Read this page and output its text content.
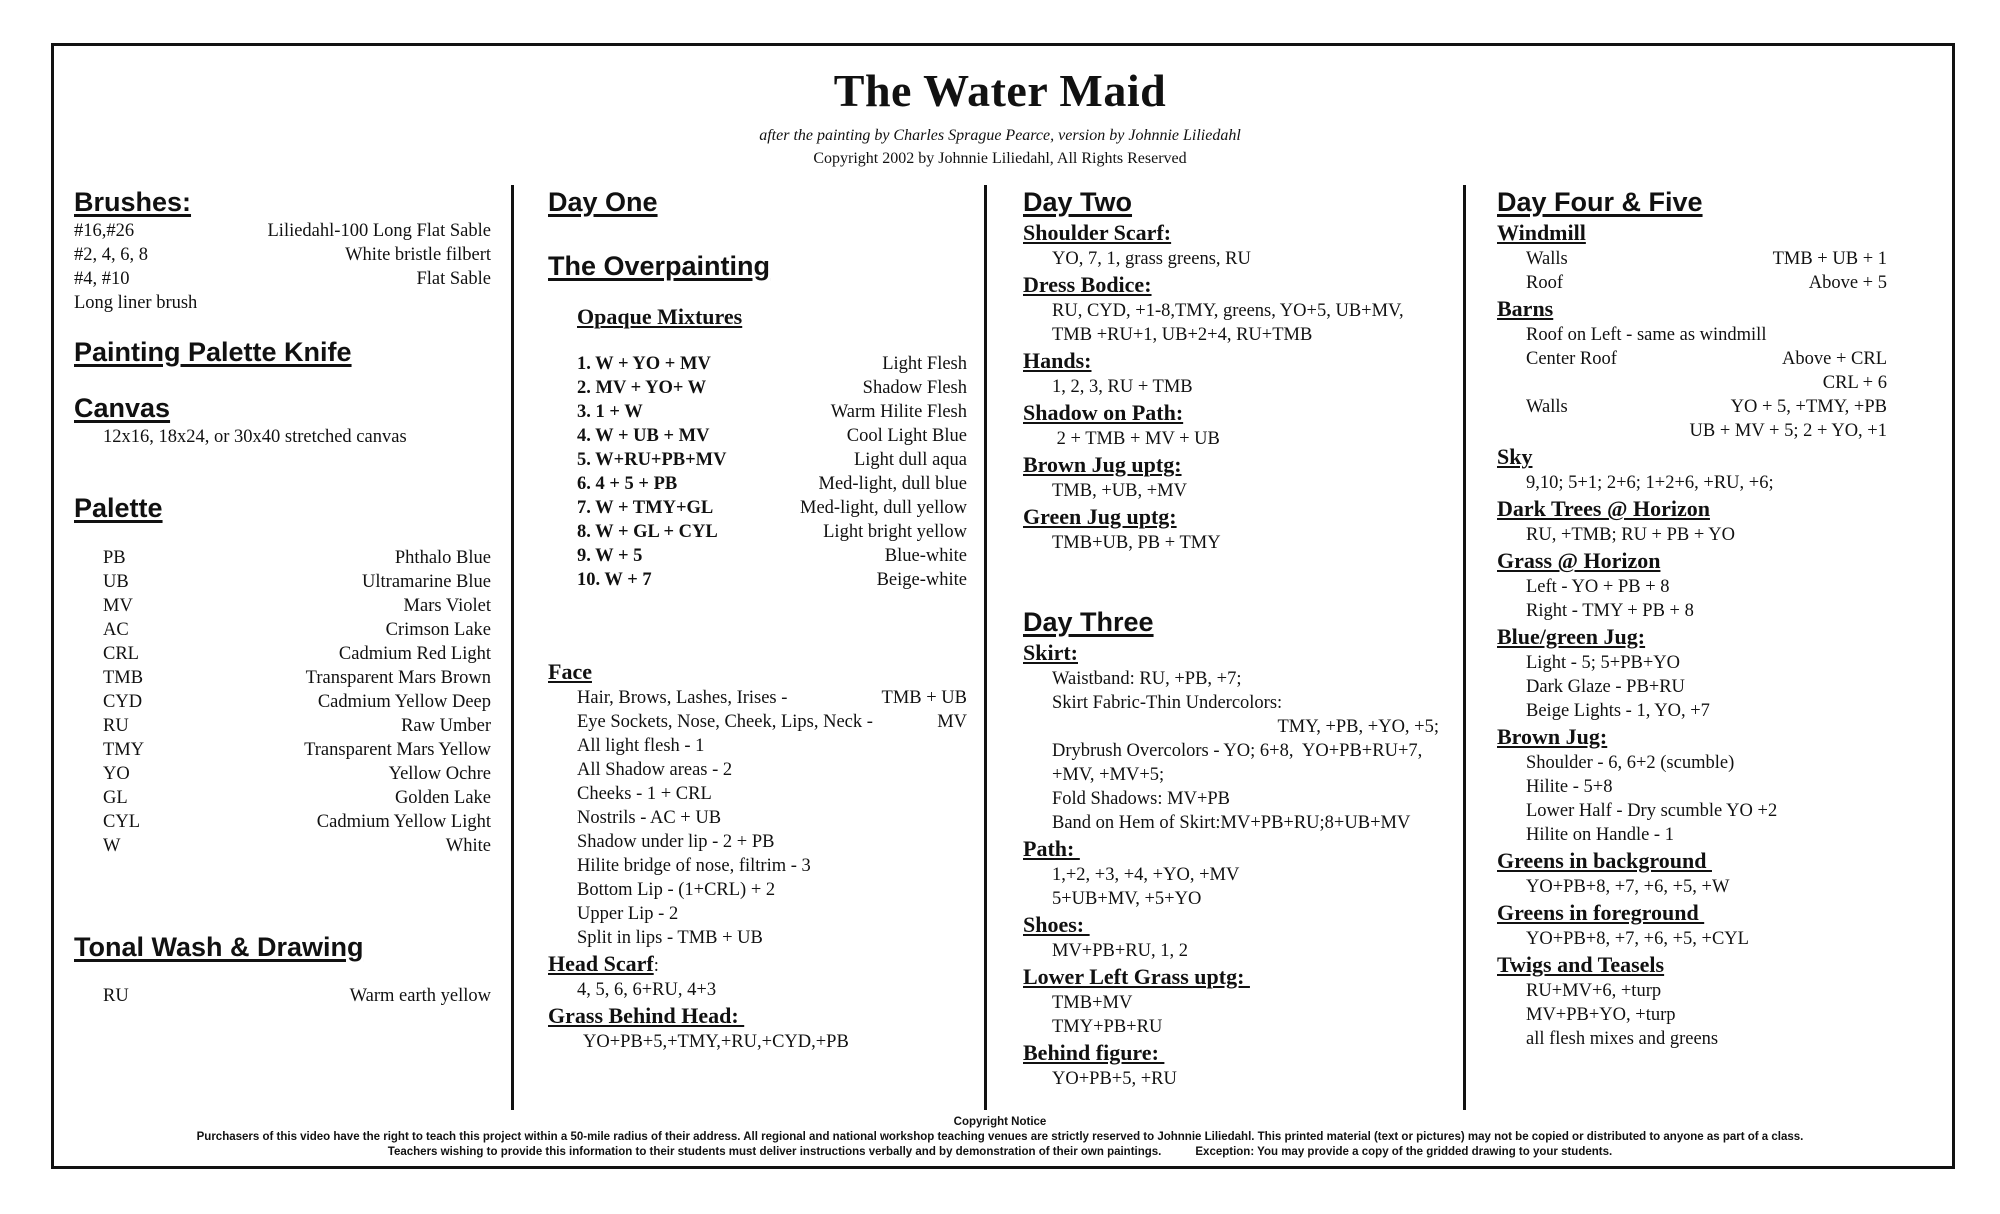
The Water Maid
after the painting by Charles Sprague Pearce, version by Johnnie Liliedahl
Copyright 2002 by Johnnie Liliedahl, All Rights Reserved
Brushes:
#16,#26	Liliedahl-100 Long Flat Sable
#2, 4, 6, 8	White bristle filbert
#4, #10	Flat Sable
Long liner brush
Painting Palette Knife
Canvas
12x16, 18x24, or 30x40 stretched canvas
Palette
PB	Phthalo Blue
UB	Ultramarine Blue
MV	Mars Violet
AC	Crimson Lake
CRL	Cadmium Red Light
TMB	Transparent Mars Brown
CYD	Cadmium Yellow Deep
RU	Raw Umber
TMY	Transparent Mars Yellow
YO	Yellow Ochre
GL	Golden Lake
CYL	Cadmium Yellow Light
W	White
Tonal Wash & Drawing
RU	Warm earth yellow
Day One
The Overpainting
Opaque Mixtures
1. W + YO + MV	Light Flesh
2. MV + YO+ W	Shadow Flesh
3. 1 + W	Warm Hilite Flesh
4. W + UB + MV	Cool Light Blue
5. W+RU+PB+MV	Light dull aqua
6. 4 + 5 + PB	Med-light, dull blue
7. W + TMY+GL	Med-light, dull yellow
8. W + GL + CYL	Light bright yellow
9. W + 5	Blue-white
10. W + 7	Beige-white
Face
Hair, Brows, Lashes, Irises -	TMB + UB
Eye Sockets, Nose, Cheek, Lips, Neck -	MV
All light flesh - 1
All Shadow areas - 2
Cheeks - 1 + CRL
Nostrils - AC + UB
Shadow under lip - 2 + PB
Hilite bridge of nose, filtrim - 3
Bottom Lip - (1+CRL) + 2
Upper Lip - 2
Split in lips - TMB + UB
Head Scarf:
4, 5, 6, 6+RU, 4+3
Grass Behind Head:
YO+PB+5,+TMY,+RU,+CYD,+PB
Day Two
Shoulder Scarf:
YO, 7, 1, grass greens, RU
Dress Bodice:
RU, CYD, +1-8,TMY, greens, YO+5, UB+MV,
TMB +RU+1, UB+2+4, RU+TMB
Hands:
1, 2, 3, RU + TMB
Shadow on Path:
2 + TMB + MV + UB
Brown Jug uptg:
TMB, +UB, +MV
Green Jug uptg:
TMB+UB, PB + TMY
Day Three
Skirt:
Waistband: RU, +PB, +7;
Skirt Fabric-Thin Undercolors:
TMY, +PB, +YO, +5;
Drybrush Overcolors - YO; 6+8,  YO+PB+RU+7,
+MV, +MV+5;
Fold Shadows: MV+PB
Band on Hem of Skirt:MV+PB+RU;8+UB+MV
Path:
1,+2, +3, +4, +YO, +MV
5+UB+MV, +5+YO
Shoes:
MV+PB+RU, 1, 2
Lower Left Grass uptg:
TMB+MV
TMY+PB+RU
Behind figure:
YO+PB+5, +RU
Day Four & Five
Windmill
Walls	TMB + UB + 1
Roof	Above + 5
Barns
Roof on Left - same as windmill
Center Roof	Above + CRL
CRL + 6
Walls	YO + 5, +TMY, +PB
UB + MV + 5; 2 + YO, +1
Sky
9,10; 5+1; 2+6; 1+2+6, +RU, +6;
Dark Trees @ Horizon
RU, +TMB; RU + PB + YO
Grass @ Horizon
Left - YO + PB + 8
Right - TMY + PB + 8
Blue/green Jug:
Light - 5; 5+PB+YO
Dark Glaze - PB+RU
Beige Lights - 1, YO, +7
Brown Jug:
Shoulder - 6, 6+2 (scumble)
Hilite - 5+8
Lower Half - Dry scumble YO +2
Hilite on Handle - 1
Greens in background
YO+PB+8, +7, +6, +5, +W
Greens in foreground
YO+PB+8, +7, +6, +5, +CYL
Twigs and Teasels
RU+MV+6, +turp
MV+PB+YO, +turp
all flesh mixes and greens
Copyright Notice
Purchasers of this video have the right to teach this project within a 50-mile radius of their address. All regional and national workshop teaching venues are strictly reserved to Johnnie Liliedahl. This printed material (text or pictures) may not be copied or distributed to anyone as part of a class.
Teachers wishing to provide this information to their students must deliver instructions verbally and by demonstration of their own paintings.	Exception: You may provide a copy of the gridded drawing to your students.
